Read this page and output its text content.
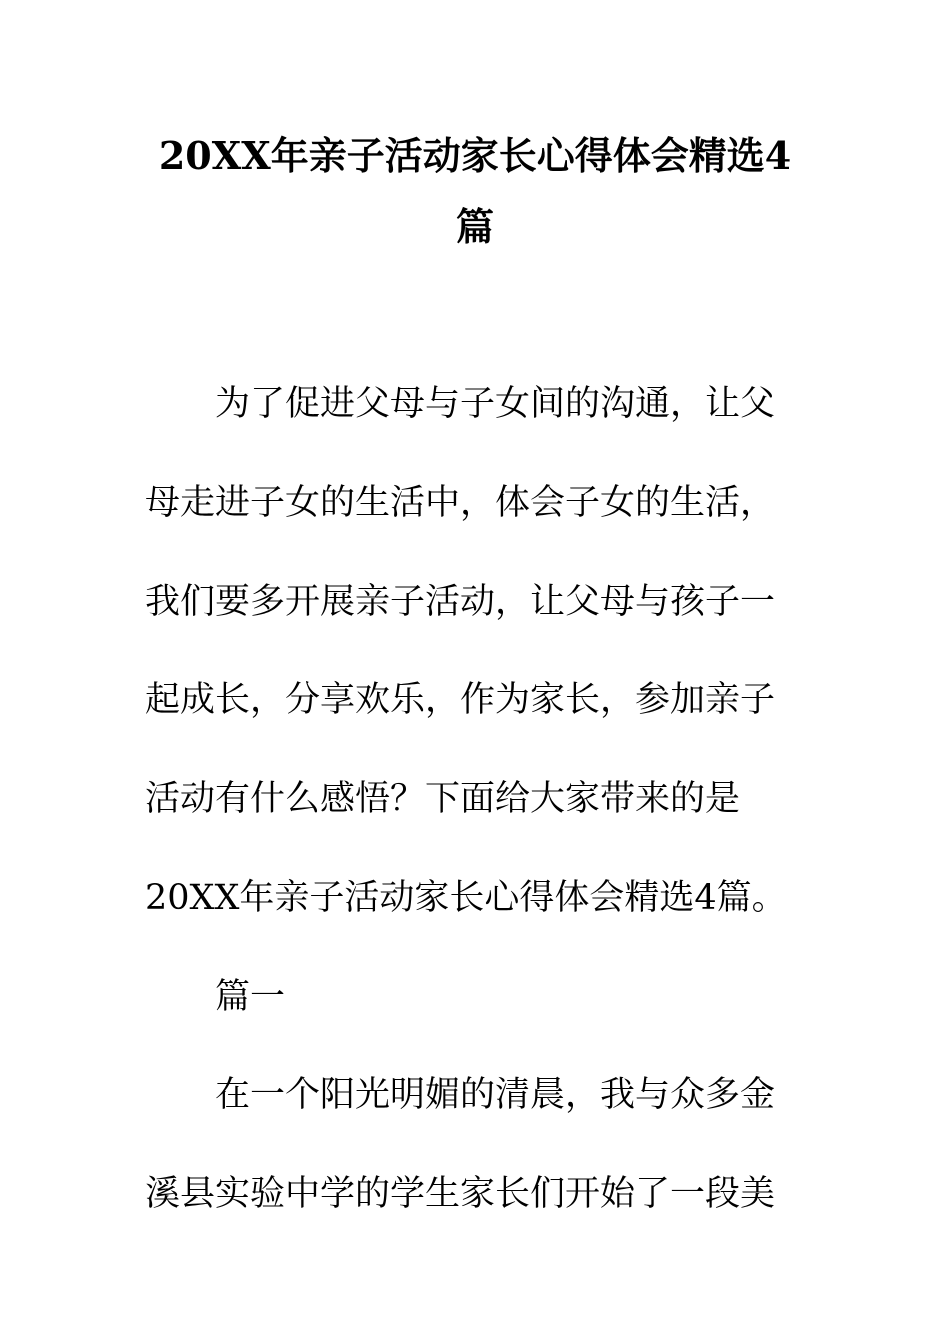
20XX年亲子活动家长心得体会精选4
篇

为了促进父母与子女间的沟通，让父

母走进子女的生活中，体会子女的生活，

我们要多开展亲子活动，让父母与孩子一

起成长，分享欢乐，作为家长，参加亲子

活动有什么感悟？下面给大家带来的是

20XX年亲子活动家长心得体会精选4篇。

篇一

在一个阳光明媚的清晨，我与众多金

溪县实验中学的学生家长们开始了一段美
